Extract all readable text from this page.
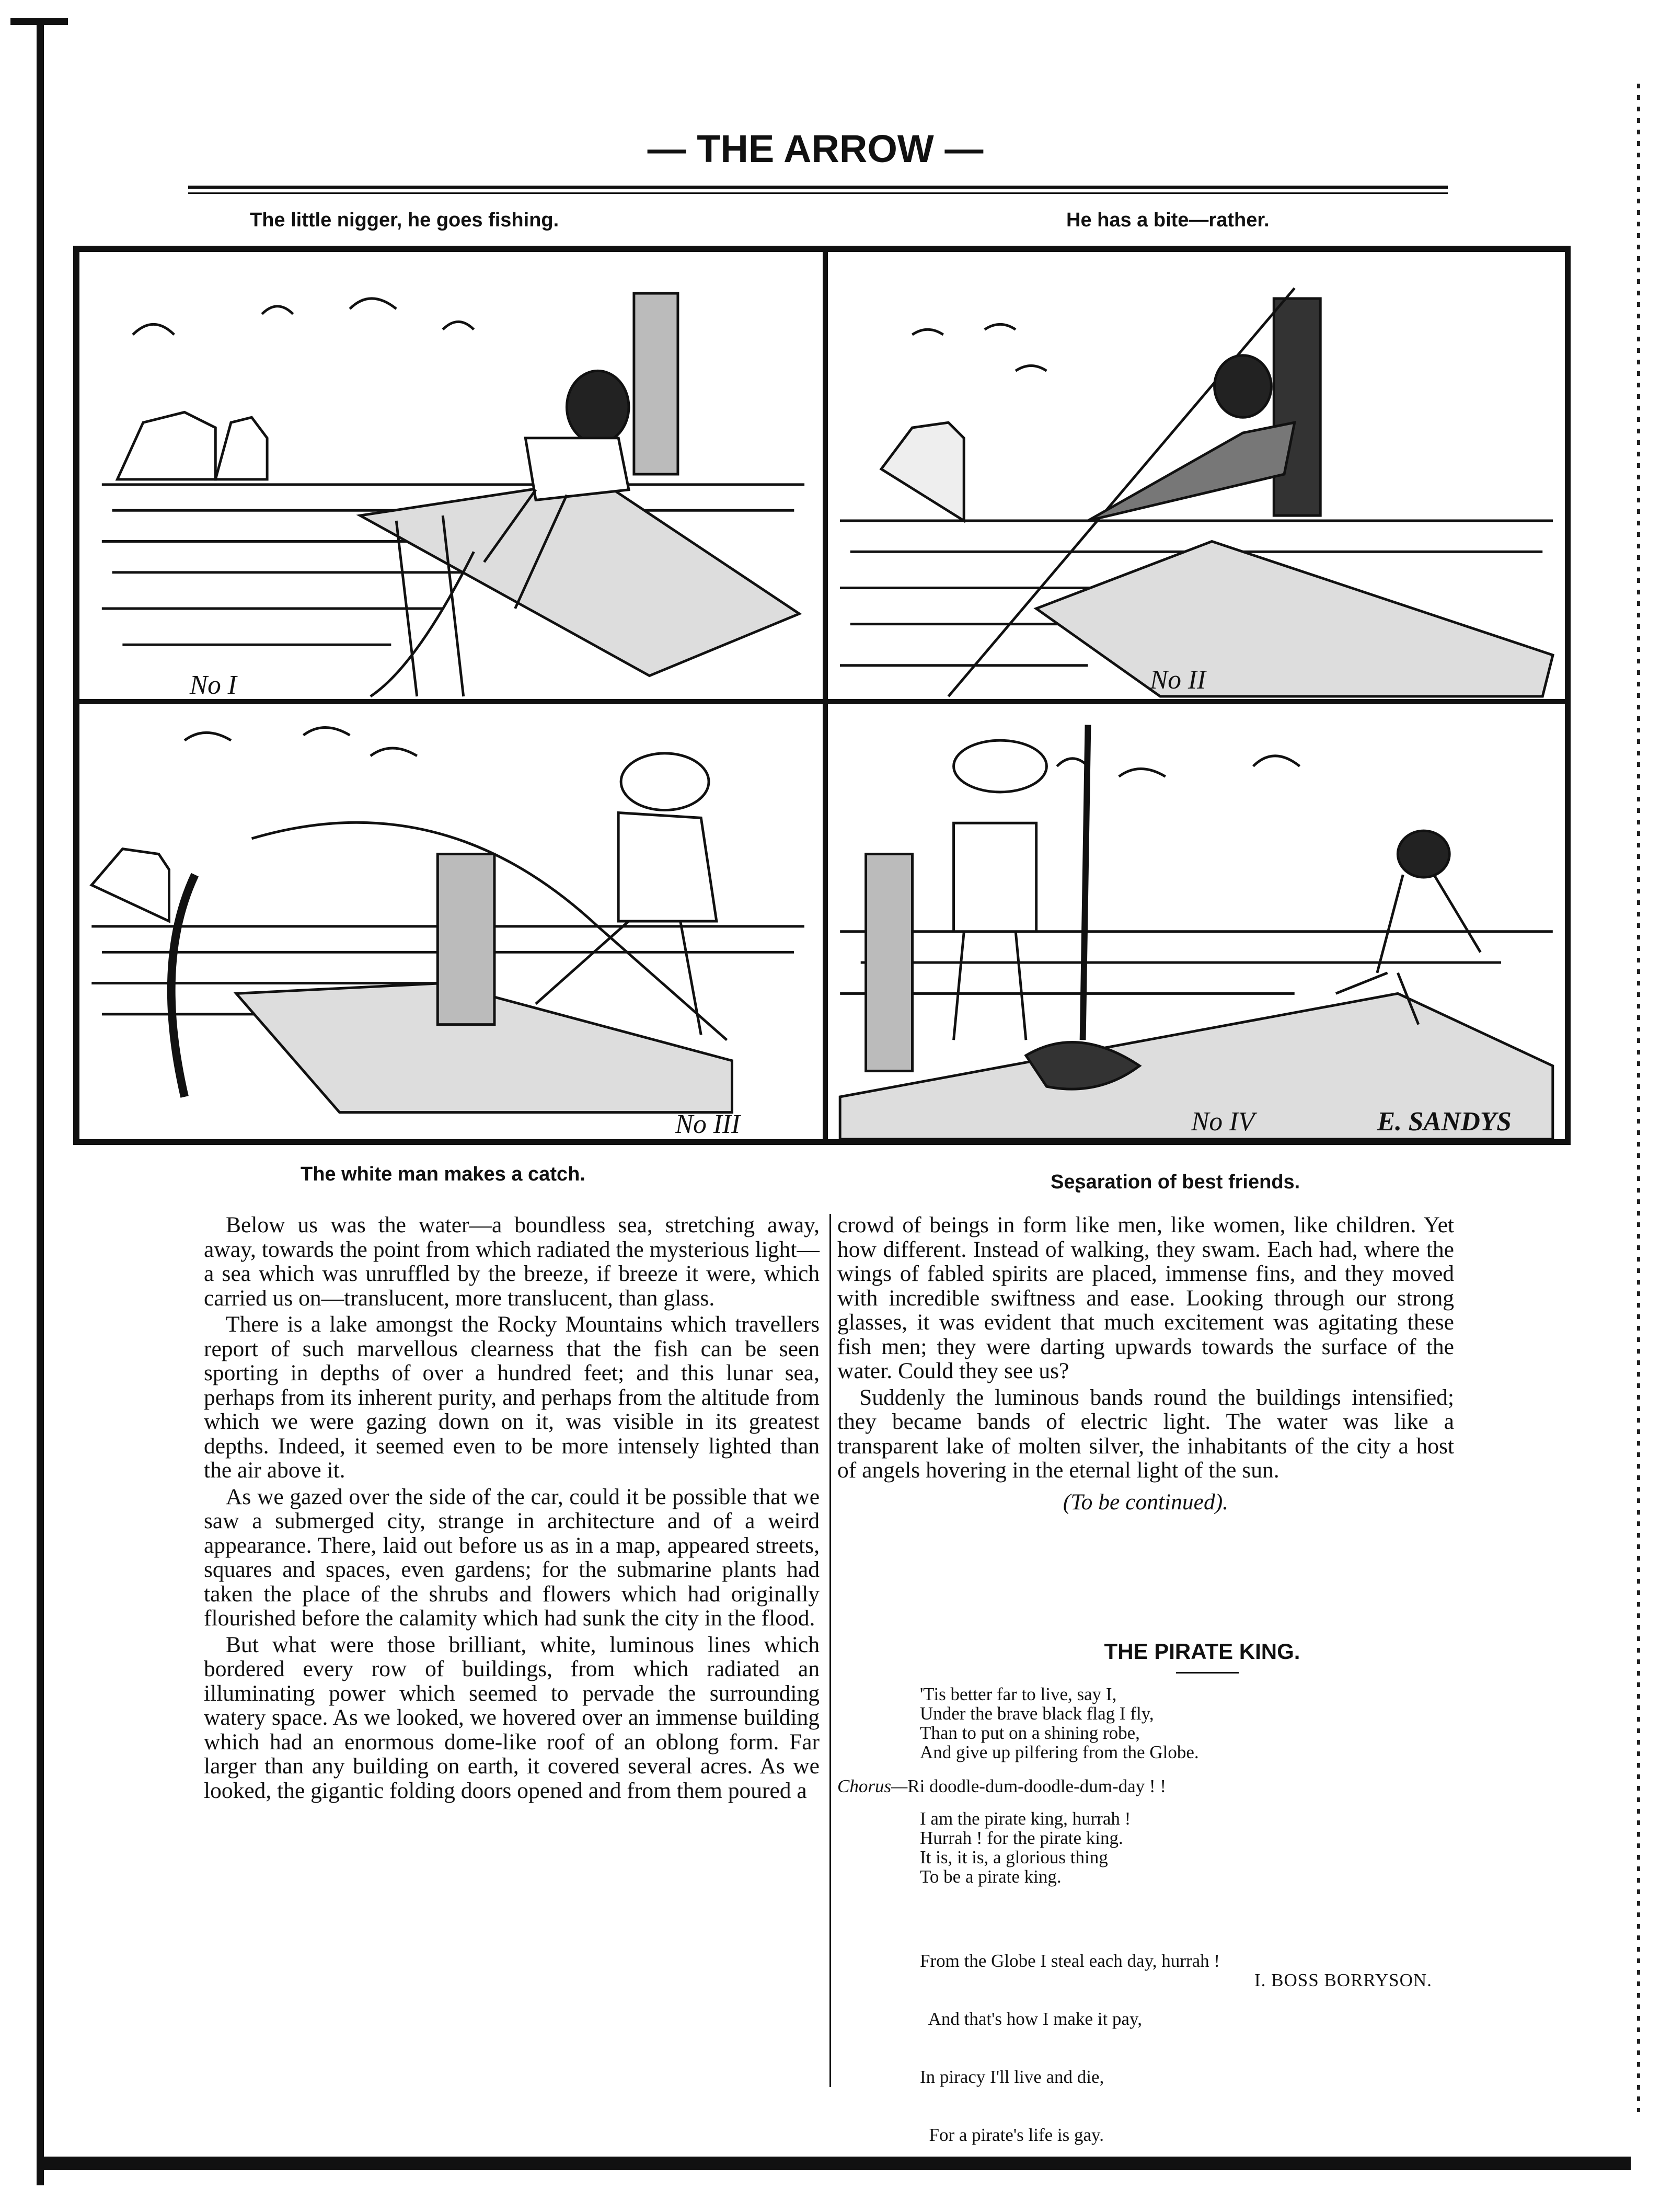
— THE ARROW —
The little nigger, he goes fishing.	He has a bite—rather.
No I	No II
No III	No IV	E. SANDYS
The white man makes a catch.	Seʂaration of best friends.

Below us was the water—a boundless sea, stretching away, away, towards the point from which radiated the mysterious light—a sea which was unruffled by the breeze, if breeze it were, which carried us on—translucent, more translucent, than glass.

There is a lake amongst the Rocky Mountains which travellers report of such marvellous clearness that the fish can be seen sporting in depths of over a hundred feet; and this lunar sea, perhaps from its inherent purity, and perhaps from the altitude from which we were gazing down on it, was visible in its greatest depths. Indeed, it seemed even to be more intensely lighted than the air above it.

As we gazed over the side of the car, could it be possible that we saw a submerged city, strange in architecture and of a weird appearance. There, laid out before us as in a map, appeared streets, squares and spaces, even gardens; for the submarine plants had taken the place of the shrubs and flowers which had originally flourished before the calamity which had sunk the city in the flood.

But what were those brilliant, white, luminous lines which bordered every row of buildings, from which radiated an illuminating power which seemed to pervade the surrounding watery space. As we looked, we hovered over an immense building which had an enormous dome-like roof of an oblong form. Far larger than any building on earth, it covered several acres. As we looked, the gigantic folding doors opened and from them poured a

crowd of beings in form like men, like women, like children. Yet how different. Instead of walking, they swam. Each had, where the wings of fabled spirits are placed, immense fins, and they moved with incredible swiftness and ease. Looking through our strong glasses, it was evident that much excitement was agitating these fish men; they were darting upwards towards the surface of the water. Could they see us?

Suddenly the luminous bands round the buildings intensified; they became bands of electric light. The water was like a transparent lake of molten silver, the inhabitants of the city a host of angels hovering in the eternal light of the sun.

(To be continued).

THE PIRATE KING.
'Tis better far to live, say I,
Under the brave black flag I fly,
Than to put on a shining robe,
And give up pilfering from the Globe.
Chorus—Ri doodle-dum-doodle-dum-day ! !
I am the pirate king, hurrah !
Hurrah ! for the pirate king.
It is, it is, a glorious thing
To be a pirate king.

From the Globe I steal each day, hurrah !

And that's how I make it pay,

In piracy I'll live and die,

For a pirate's life is gay.

I. BOSS BORRYSON.
